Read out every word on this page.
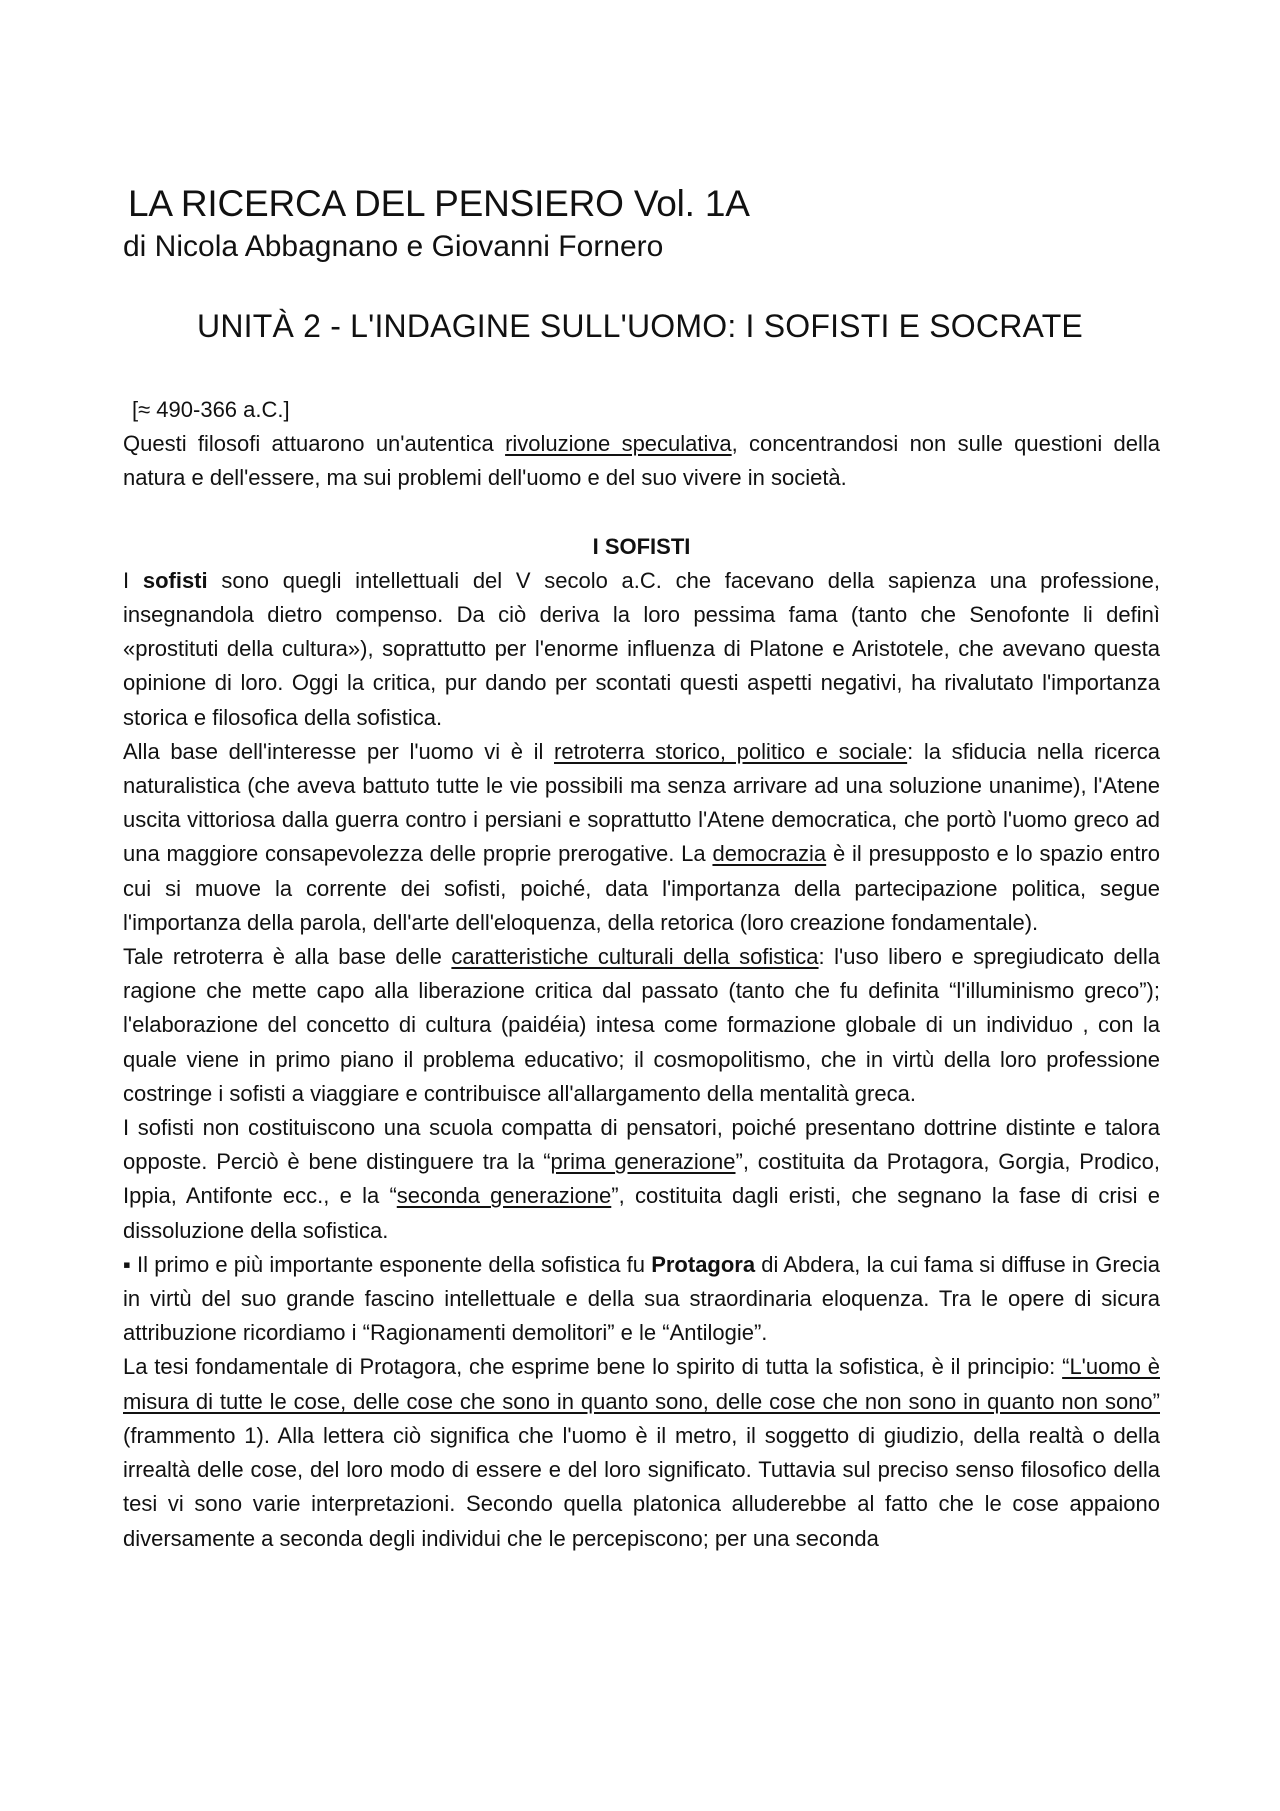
LA RICERCA DEL PENSIERO Vol. 1A
di Nicola Abbagnano e Giovanni Fornero
UNITÀ 2 - L'INDAGINE SULL'UOMO: I SOFISTI E SOCRATE

[≈ 490-366 a.C.]

Questi filosofi attuarono un'autentica rivoluzione speculativa, concentrandosi non sulle questioni della natura e dell'essere, ma sui problemi dell'uomo e del suo vivere in società.

I SOFISTI

I sofisti sono quegli intellettuali del V secolo a.C. che facevano della sapienza una professione, insegnandola dietro compenso. Da ciò deriva la loro pessima fama (tanto che Senofonte li definì «prostituti della cultura»), soprattutto per l'enorme influenza di Platone e Aristotele, che avevano questa opinione di loro. Oggi la critica, pur dando per scontati questi aspetti negativi, ha rivalutato l'importanza storica e filosofica della sofistica.

Alla base dell'interesse per l'uomo vi è il retroterra storico, politico e sociale: la sfiducia nella ricerca naturalistica (che aveva battuto tutte le vie possibili ma senza arrivare ad una soluzione unanime), l'Atene uscita vittoriosa dalla guerra contro i persiani e soprattutto l'Atene democratica, che portò l'uomo greco ad una maggiore consapevolezza delle proprie prerogative. La democrazia è il presupposto e lo spazio entro cui si muove la corrente dei sofisti, poiché, data l'importanza della partecipazione politica, segue l'importanza della parola, dell'arte dell'eloquenza, della retorica (loro creazione fondamentale).

Tale retroterra è alla base delle caratteristiche culturali della sofistica: l'uso libero e spregiudicato della ragione che mette capo alla liberazione critica dal passato (tanto che fu definita “l'illuminismo greco”); l'elaborazione del concetto di cultura (paidéia) intesa come formazione globale di un individuo , con la quale viene in primo piano il problema educativo; il cosmopolitismo, che in virtù della loro professione costringe i sofisti a viaggiare e contribuisce all'allargamento della mentalità greca.

I sofisti non costituiscono una scuola compatta di pensatori, poiché presentano dottrine distinte e talora opposte. Perciò è bene distinguere tra la “prima generazione”, costituita da Protagora, Gorgia, Prodico, Ippia, Antifonte ecc., e la “seconda generazione”, costituita dagli eristi, che segnano la fase di crisi e dissoluzione della sofistica.

▪ Il primo e più importante esponente della sofistica fu Protagora di Abdera, la cui fama si diffuse in Grecia in virtù del suo grande fascino intellettuale e della sua straordinaria eloquenza. Tra le opere di sicura attribuzione ricordiamo i “Ragionamenti demolitori” e le “Antilogie”.

La tesi fondamentale di Protagora, che esprime bene lo spirito di tutta la sofistica, è il principio: “L'uomo è misura di tutte le cose, delle cose che sono in quanto sono, delle cose che non sono in quanto non sono” (frammento 1). Alla lettera ciò significa che l'uomo è il metro, il soggetto di giudizio, della realtà o della irrealtà delle cose, del loro modo di essere e del loro significato. Tuttavia sul preciso senso filosofico della tesi vi sono varie interpretazioni. Secondo quella platonica alluderebbe al fatto che le cose appaiono diversamente a seconda degli individui che le percepiscono; per una seconda
